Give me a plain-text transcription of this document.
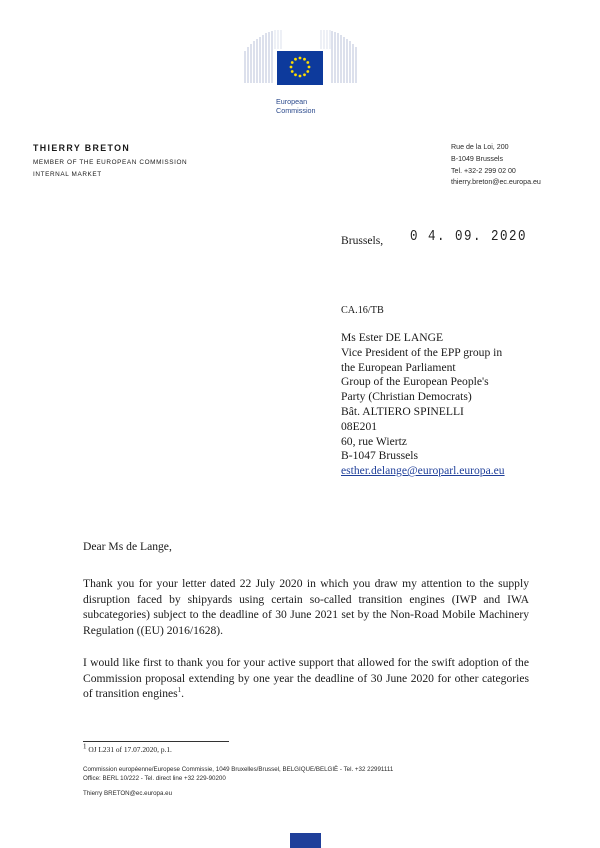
European
Commission
THIERRY BRETON
MEMBER OF THE EUROPEAN COMMISSION
INTERNAL MARKET
Rue de la Loi, 200
B-1049 Brussels
Tel. +32-2 299 02 00
thierry.breton@ec.europa.eu
Brussels, 0 4. 09. 2020
CA.16/TB
Ms Ester DE LANGE
Vice President of the EPP group in
the European Parliament
Group of the European People's
Party (Christian Democrats)
Bât. ALTIERO SPINELLI
08E201
60, rue Wiertz
B-1047 Brussels
esther.delange@europarl.europa.eu
Dear Ms de Lange,
Thank you for your letter dated 22 July 2020 in which you draw my attention to the supply disruption faced by shipyards using certain so-called transition engines (IWP and IWA subcategories) subject to the deadline of 30 June 2021 set by the Non-Road Mobile Machinery Regulation ((EU) 2016/1628).
I would like first to thank you for your active support that allowed for the swift adoption of the Commission proposal extending by one year the deadline of 30 June 2020 for other categories of transition engines$^1$.
$^1$ OJ L231 of 17.07.2020, p.1.
Commission européenne/Europese Commissie, 1049 Bruxelles/Brussel, BELGIQUE/BELGIË - Tel. +32 22991111
Office: BERL 10/222 - Tel. direct line +32 229-90200
Thierry BRETON@ec.europa.eu
